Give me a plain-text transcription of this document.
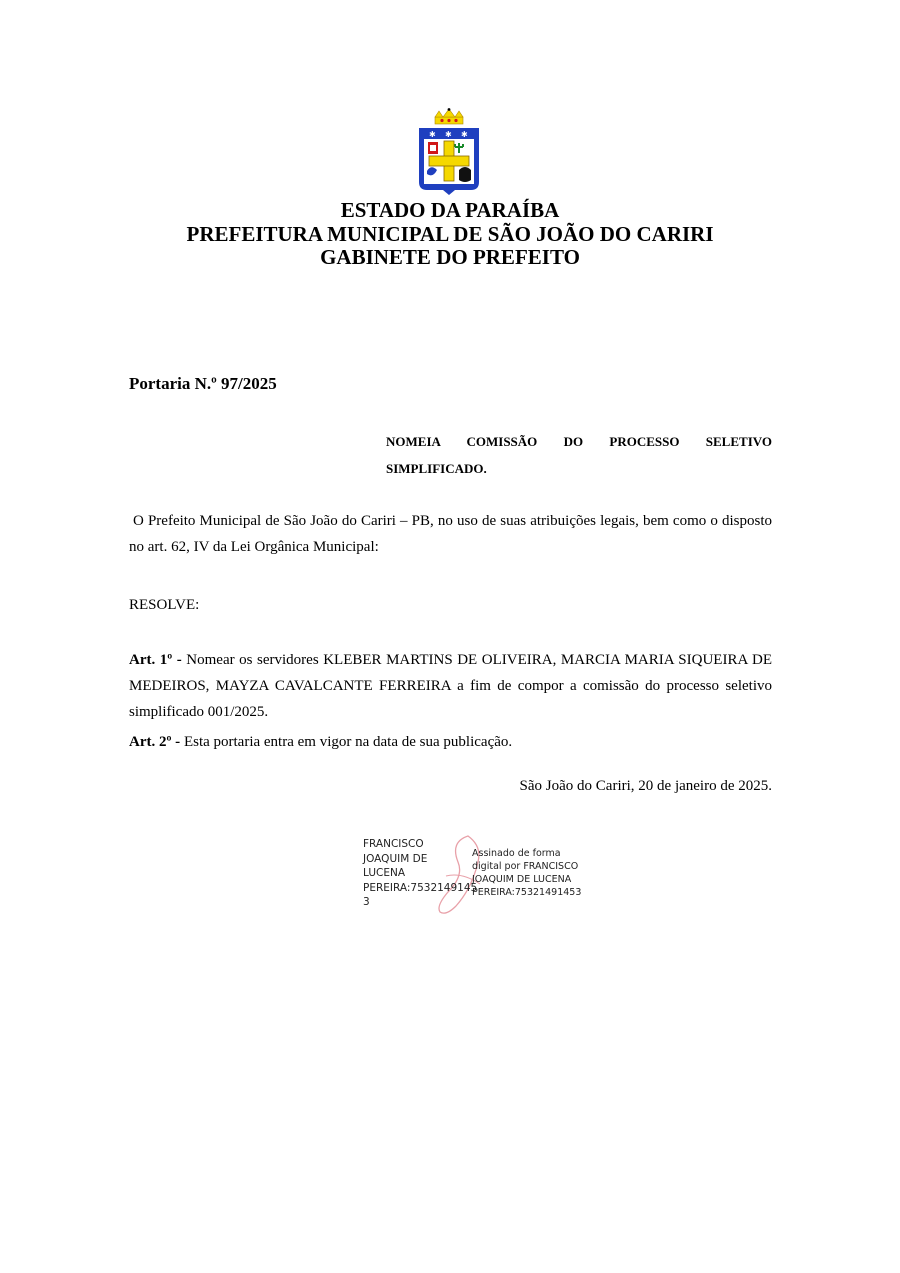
✱ ✱ ✱
ESTADO DA PARAÍBA
PREFEITURA MUNICIPAL DE SÃO JOÃO DO CARIRI
GABINETE DO PREFEITO
Portaria N.º 97/2025
NOMEIA COMISSÃO DO PROCESSO SELETIVO
SIMPLIFICADO.
O Prefeito Municipal de São João do Cariri – PB, no uso de suas atribuições legais, bem como o disposto no art. 62, IV da Lei Orgânica Municipal:
RESOLVE:
Art. 1º - Nomear os servidores KLEBER MARTINS DE OLIVEIRA, MARCIA MARIA SIQUEIRA DE MEDEIROS, MAYZA CAVALCANTE FERREIRA a fim de compor a comissão do processo seletivo simplificado 001/2025.
Art. 2º - Esta portaria entra em vigor na data de sua publicação.
São João do Cariri, 20 de janeiro de 2025.
FRANCISCO
JOAQUIM DE
LUCENA
PEREIRA:7532149145
3
Assinado de forma
digital por FRANCISCO
JOAQUIM DE LUCENA
PEREIRA:75321491453
